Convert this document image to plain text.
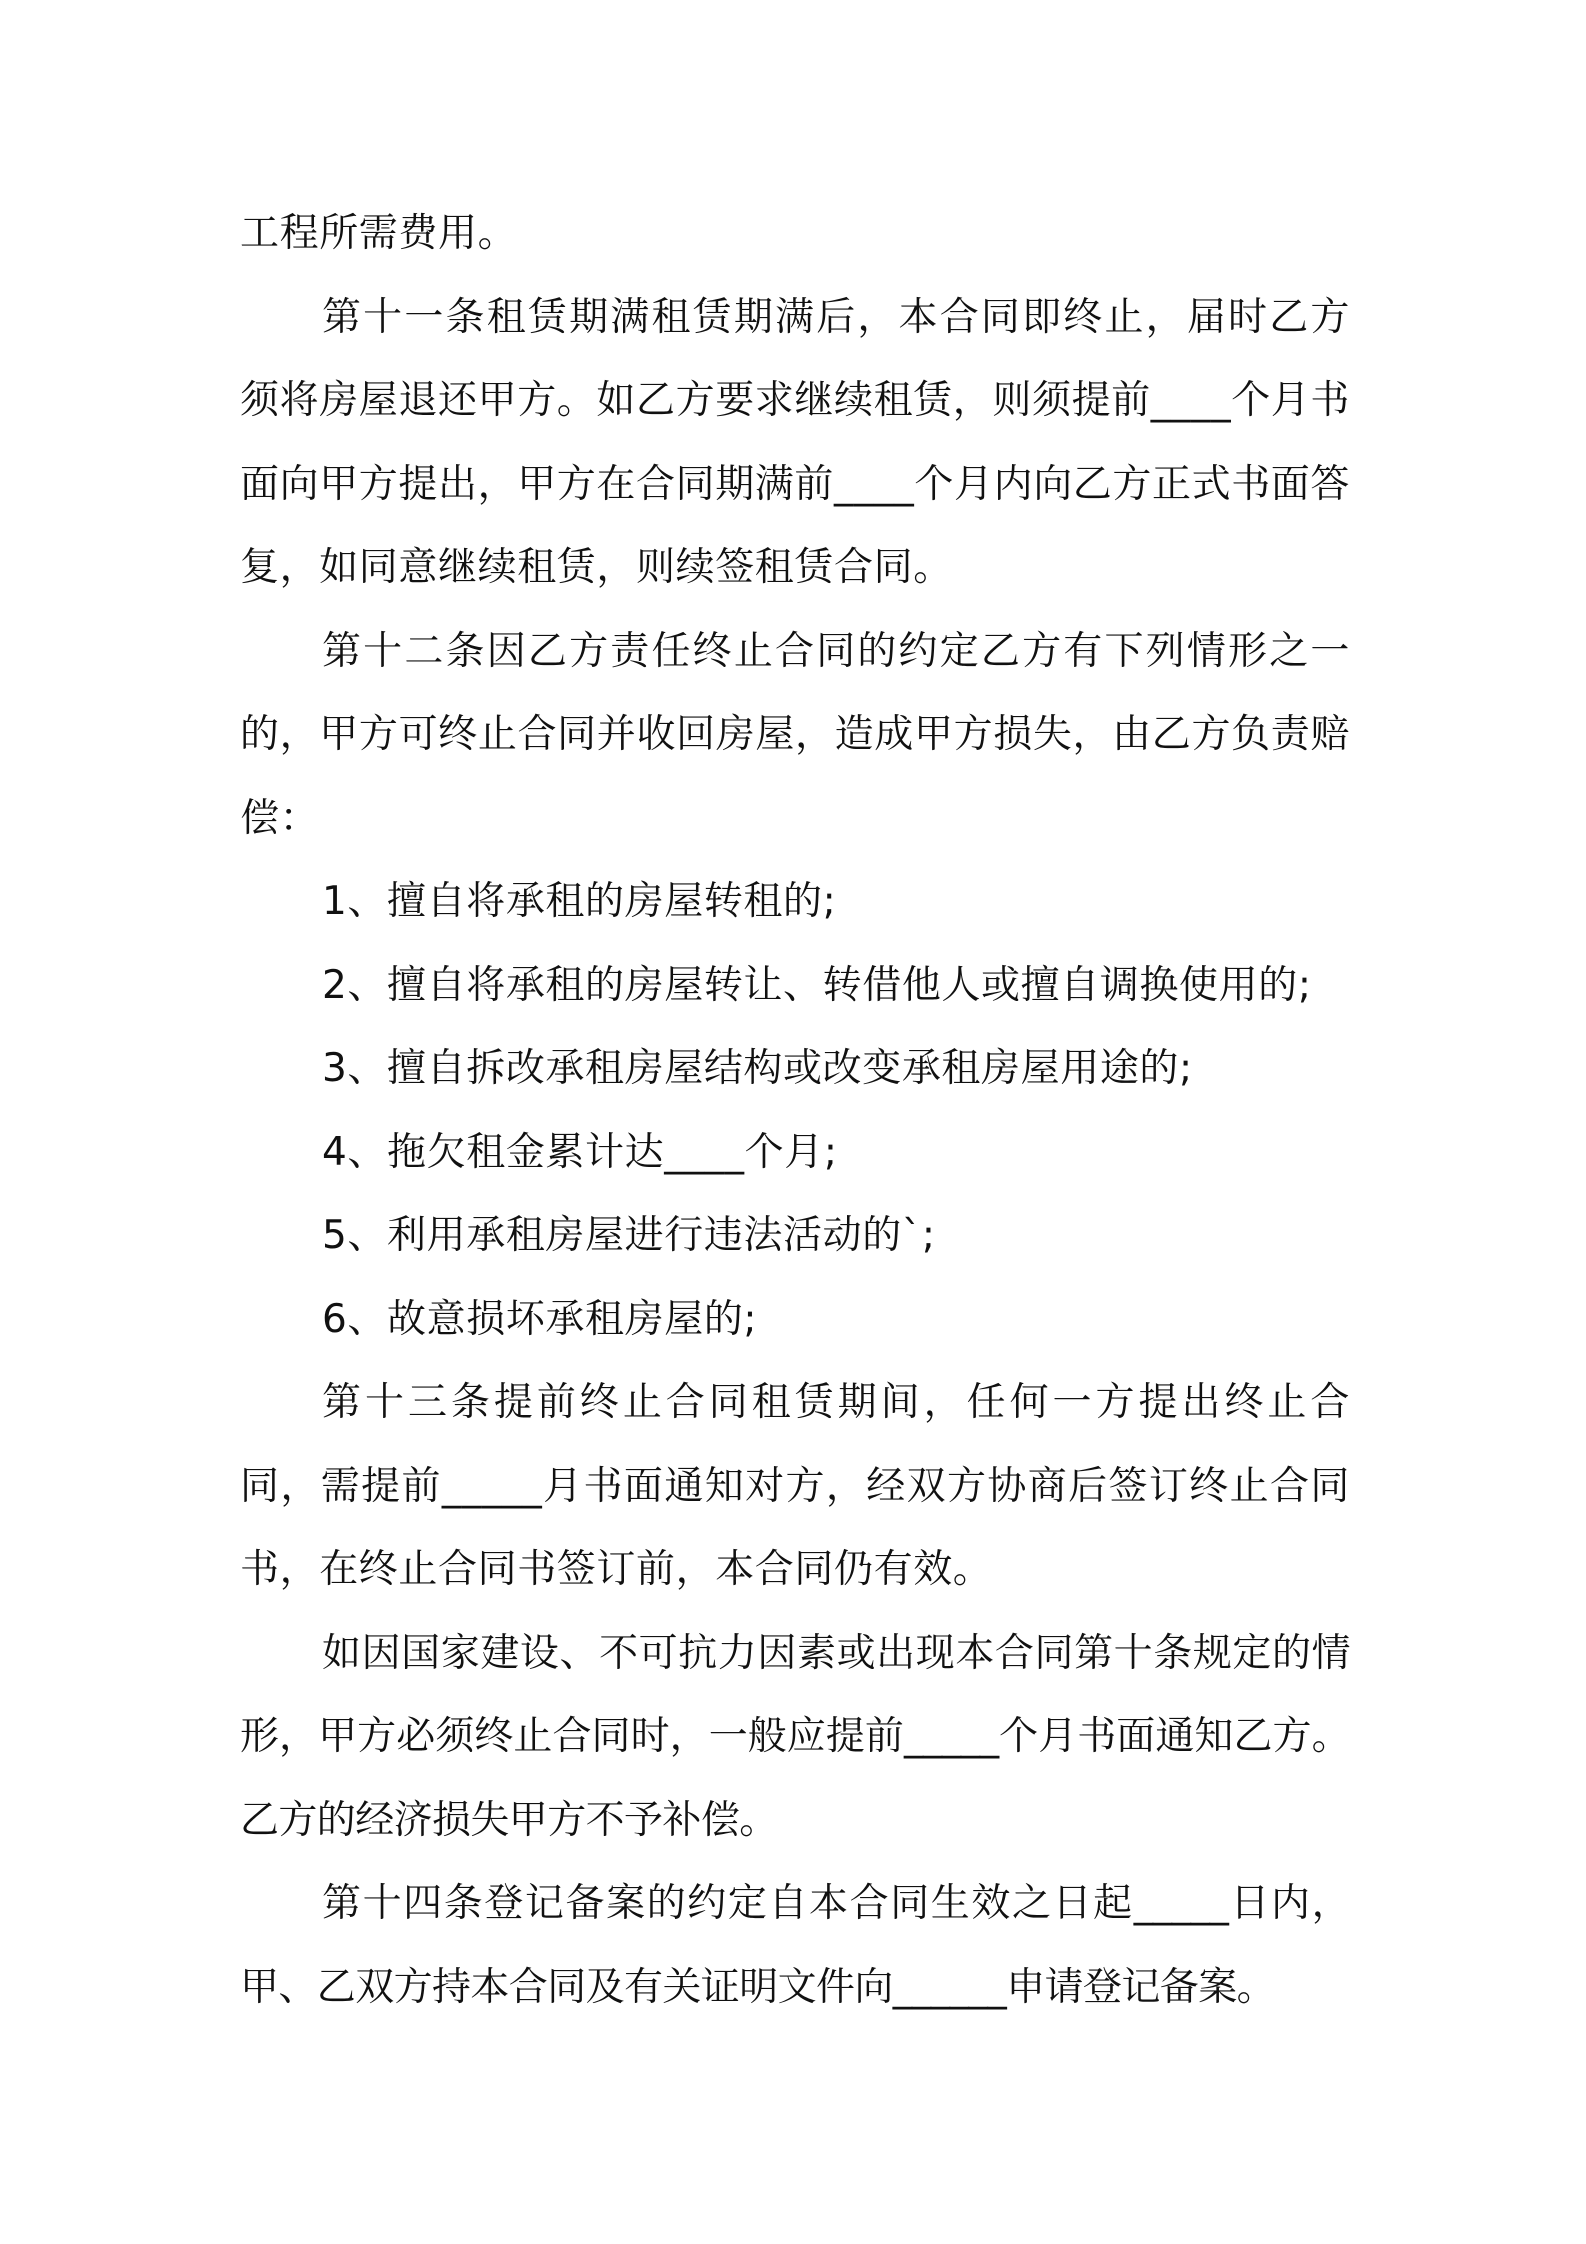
工程所需费用。

第十一条租赁期满租赁期满后，本合同即终止，届时乙方须将房屋退还甲方。如乙方要求继续租赁，则须提前____个月书面向甲方提出，甲方在合同期满前____个月内向乙方正式书面答复，如同意继续租赁，则续签租赁合同。

第十二条因乙方责任终止合同的约定乙方有下列情形之一的，甲方可终止合同并收回房屋，造成甲方损失，由乙方负责赔偿：

1、擅自将承租的房屋转租的;

2、擅自将承租的房屋转让、转借他人或擅自调换使用的;

3、擅自拆改承租房屋结构或改变承租房屋用途的;

4、拖欠租金累计达____个月;

5、利用承租房屋进行违法活动的`;

6、故意损坏承租房屋的;

第十三条提前终止合同租赁期间，任何一方提出终止合同，需提前_____月书面通知对方，经双方协商后签订终止合同书，在终止合同书签订前，本合同仍有效。

如因国家建设、不可抗力因素或出现本合同第十条规定的情形，甲方必须终止合同时，一般应提前_____个月书面通知乙方。乙方的经济损失甲方不予补偿。

第十四条登记备案的约定自本合同生效之日起_____日内，甲、乙双方持本合同及有关证明文件向______申请登记备案。
